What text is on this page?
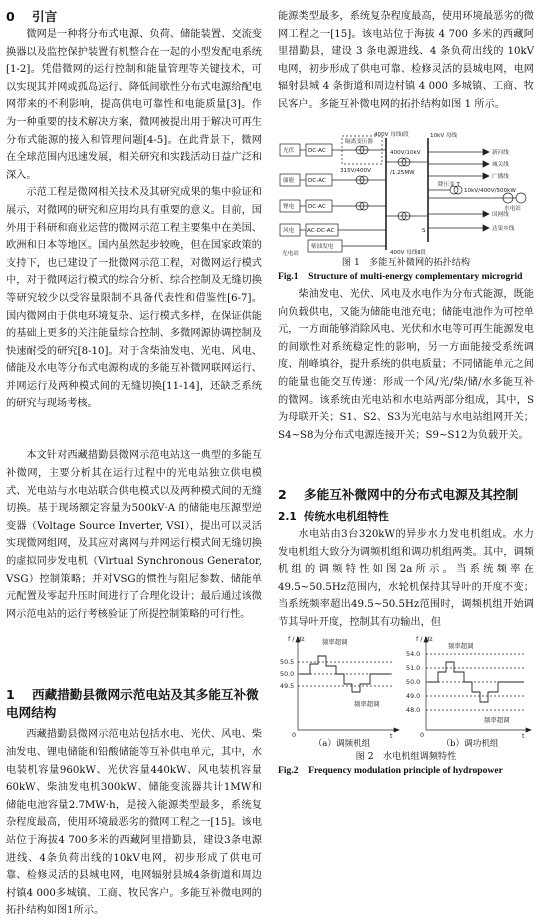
0 引言

微网是一种将分布式电源、负荷、储能装置、交流变换器以及监控保护装置有机整合在一起的小型发配电系统[1-2]。凭借微网的运行控制和能量管理等关键技术，可以实现其并网或孤岛运行、降低间歇性分布式电源给配电网带来的不利影响，提高供电可靠性和电能质量[3]。作为一种重要的技术解决方案，微网被提出用于解决可再生分布式能源的接入和管理问题[4-5]。在此背景下，微网在全球范围内迅速发展，相关研究和实践活动日益广泛和深入。

示范工程是微网相关技术及其研究成果的集中验证和展示，对微网的研究和应用均具有重要的意义。目前，国外用于科研和商业运营的微网示范工程主要集中在美国、欧洲和日本等地区。国内虽然起步较晚，但在国家政策的支持下，也已建设了一批微网示范工程，对微网运行模式中，对于微网运行模式的综合分析、综合控制及无缝切换等研究较少以受容量限制不具备代表性和借鉴性[6-7]。国内微网由于供电环境复杂、运行模式多样，在保证供能的基础上更多的关注能量综合控制、多微网源协调控制及快速耐受的研究[8-10]。对于含柴油发电、光电、风电、储能及水电等分布式电源构成的多能互补微网联网运行、并网运行及两种模式间的无缝切换[11-14]，还缺乏系统的研究与现场考核。

本文针对西藏措勤县微网示范电站这一典型的多能互补微网，主要分析其在运行过程中的光电站独立供电模式、光电站与水电站联合供电模式以及两种模式间的无缝切换。基于现场额定容量为500kV·A 的储能电压源型逆变器（Voltage Source Inverter, VSI），提出可以灵活实现微网组网，及其应对离网与并网运行模式间无缝切换的虚拟同步发电机（Virtual Synchronous Generator, VSG）控制策略；并对VSG的惯性与阻尼参数、储能单元配置及零起升压时间进行了合理化设计；最后通过该微网示范电站的运行考核验证了所提控制策略的可行性。

1 西藏措勤县微网示范电站及其多能互补微电网结构

西藏措勤县微网示范电站包括水电、光伏、风电、柴油发电、锂电储能和铅酸储能等互补供电单元，其中，水电装机容量960kW、光伏容量440kW、风电装机容量60kW、柴油发电机300kW、储能变流器共计1MW和储能电池容量2.7MW·h，是接入能源类型最多，系统复杂程度最高，使用环境最恶劣的微网工程之一[15]。该电站位于海拔4 700多米的西藏阿里措勤县，建设3条电源进线、4条负荷出线的10kV电网，初步形成了供电可靠、检修灵活的县城电网，电网辐射县城4条街道和周边村镇4 000多城镇、工商、牧民客户。多能互补微电网的拓扑结构如图1所示。

能源类型最多，系统复杂程度最高，使用环境最恶劣的微网工程之一[15]。该电站位于海拔 4 700 多米的西藏阿里措勤县，建设 3 条电源进线、4 条负荷出线的 10kV 电网，初步形成了供电可靠、检修灵活的县城电网，电网辐射县城 4 条街道和周边村镇 4 000 多城镇、工商、牧民客户。多能互补微电网的拓扑结构如图 1 所示。
光伏
储能
锂电
风电
柴油发电
DC-AC
DC-AC
DC-AC
AC-DC-AC
隔离变压器
315V/400V
400V 母线Ⅰ段
400V 母线Ⅱ段
400V/10kV
/1.25MW
10kV 母线
新河线
城关线
广播线
国网线
达果乡线
降压变 T
10kV/400V/500kW
水电站
光电站
S
图 1　多能互补微网的拓扑结构
Fig.1　Structure of multi-energy complementary microgrid

柴油发电、光伏、风电及水电作为分布式能源，既能向负载供电，又能为储能电池充电；储能电池作为可控单元，一方面能够消除风电、光伏和水电等可再生能源发电的间歇性对系统稳定性的影响，另一方面能接受系统调度、削峰填谷，提升系统的供电质量；不同储能单元之间的能量也能交互传递：形成一个风/光/柴/储/水多能互补的微网。该系统由光电站和水电站两部分组成，其中，S为母联开关；S1、S2、S3为光电站与水电站组网开关；S4~S8为分布式电源连接开关；S9~S12为负载开关。

2 多能互补微网中的分布式电源及其控制
2.1 传统水电机组特性

水电站由3台320kW的异步水力发电机组成。水力发电机组大致分为调频机组和调功机组两类。其中，调频机组的调频特性如图2a所示。当系统频率在49.5~50.5Hz范围内，水轮机保持其导叶的开度不变；当系统频率超出49.5~50.5Hz范围时，调频机组开始调节其导叶开度，控制其有功输出，但

f / Hz
50.5
50.0
49.5
0	t
频率超调
频率超调
f / Hz
54.0
51.0
50.0
49.0
48.0
0	t
频率超调
频率超调
（a）调频机组	（b）调功机组
图 2　水电机组调频特性
Fig.2　Frequency modulation principle of hydropower
